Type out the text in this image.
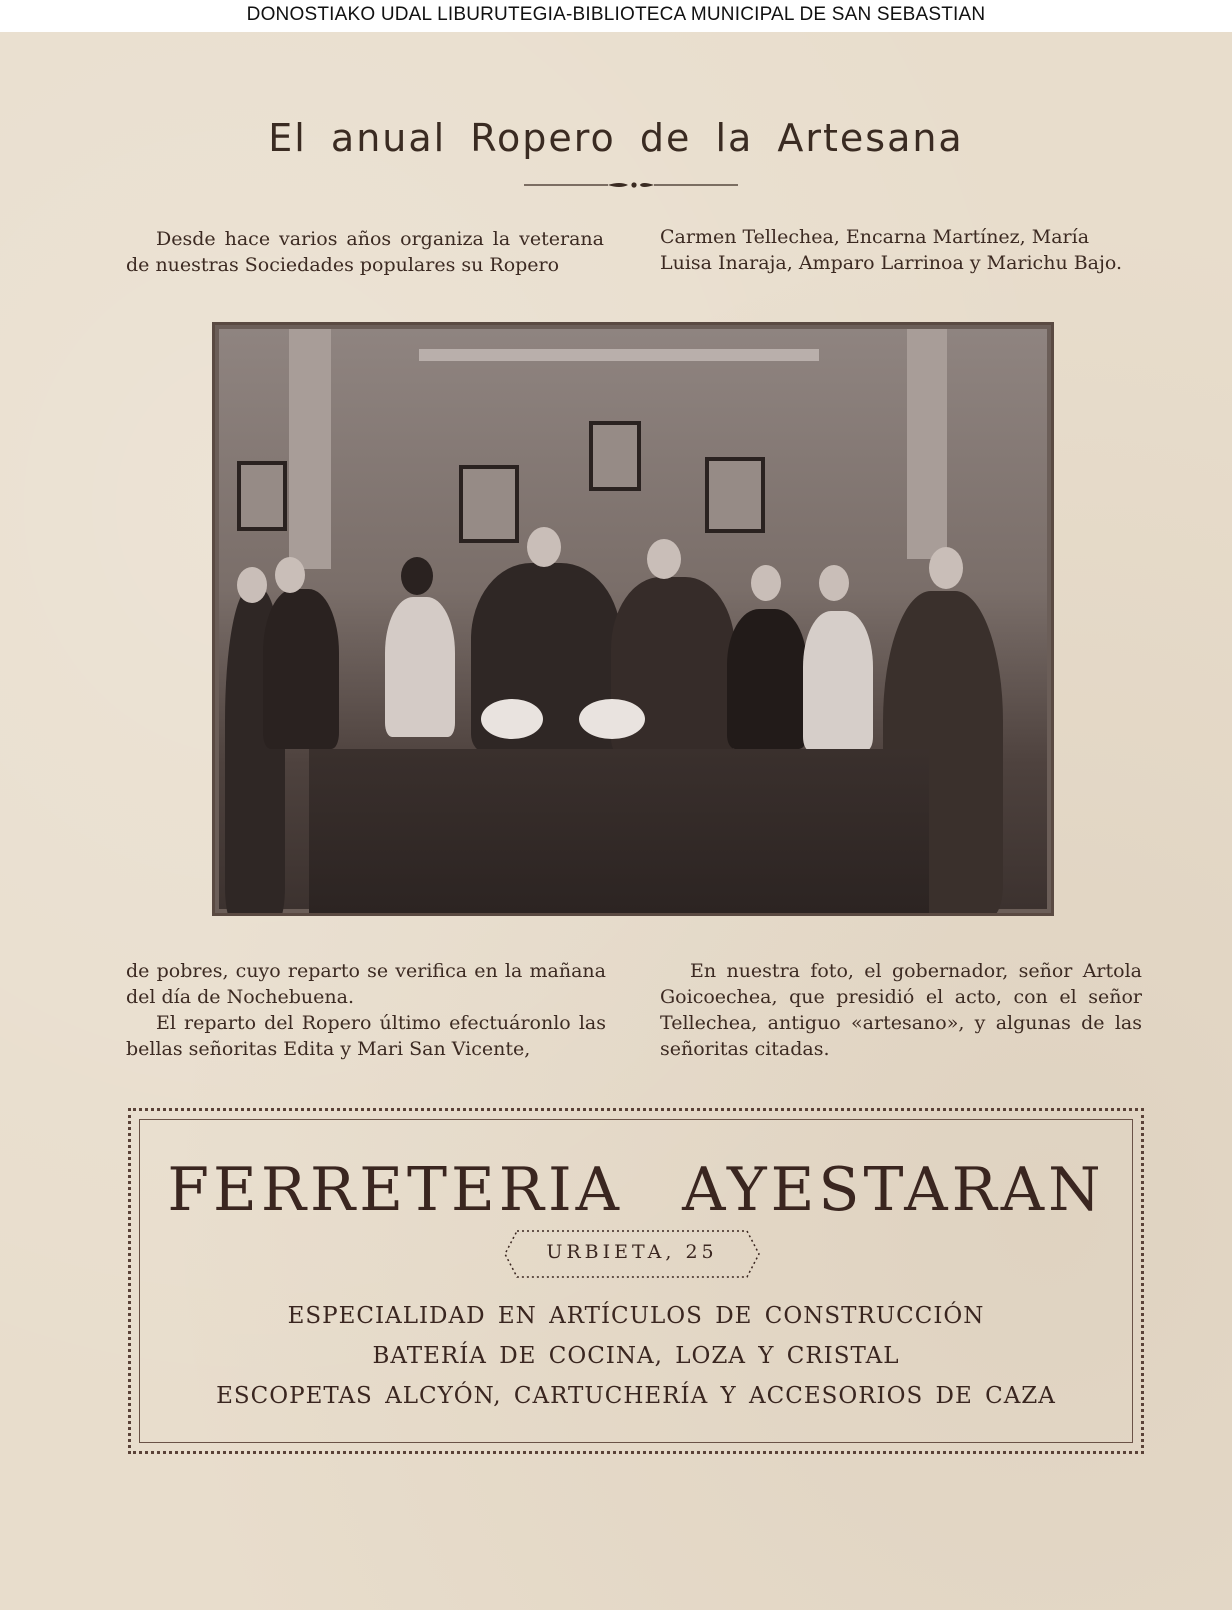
DONOSTIAKO UDAL LIBURUTEGIA-BIBLIOTECA MUNICIPAL DE SAN SEBASTIAN
El anual Ropero de la Artesana

Desde hace varios años organiza la veterana de nuestras Sociedades populares su Ropero

Carmen Tellechea, Encarna Martínez, María Luisa Inaraja, Amparo Larrinoa y Marichu Bajo.

de pobres, cuyo reparto se verifica en la mañana del día de Nochebuena.

El reparto del Ropero último efectuáronlo las bellas señoritas Edita y Mari San Vicente,

En nuestra foto, el gobernador, señor Artola Goicoechea, que presidió el acto, con el señor Tellechea, antiguo «artesano», y algunas de las señoritas citadas.

FERRETERIA AYESTARAN
URBIETA, 25
ESPECIALIDAD EN ARTÍCULOS DE CONSTRUCCIÓN
BATERÍA DE COCINA, LOZA Y CRISTAL
ESCOPETAS ALCYÓN, CARTUCHERÍA Y ACCESORIOS DE CAZA
